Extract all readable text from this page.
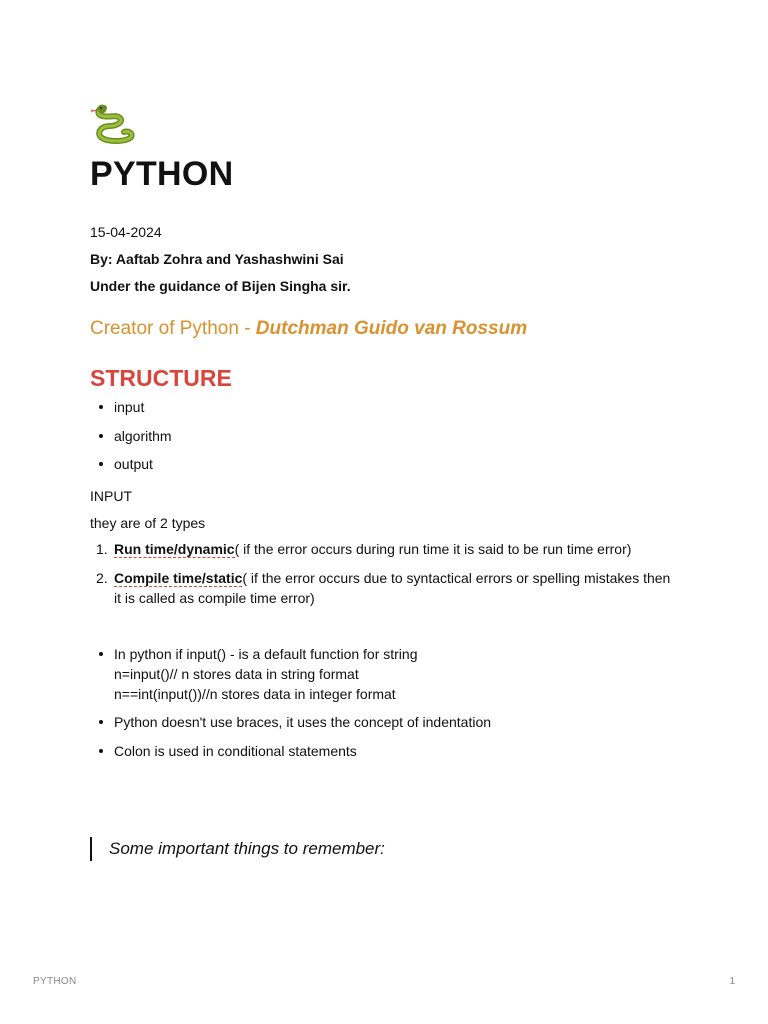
PYTHON
15-04-2024
By: Aaftab Zohra and Yashashwini Sai
Under the guidance of Bijen Singha sir.
Creator of Python - Dutchman Guido van Rossum
STRUCTURE
input
algorithm
output
INPUT
they are of 2 types
1. Run time/dynamic( if the error occurs during run time it is said to be run time error)
2. Compile time/static( if the error occurs due to syntactical errors or spelling mistakes then it is called as compile time error)
In python if input() - is a default function for string
n=input()// n stores data in string format
n==int(input())//n stores data in integer format
Python doesn't use braces, it uses the concept of indentation
Colon is used in conditional statements
Some important things to remember:
PYTHON	1
